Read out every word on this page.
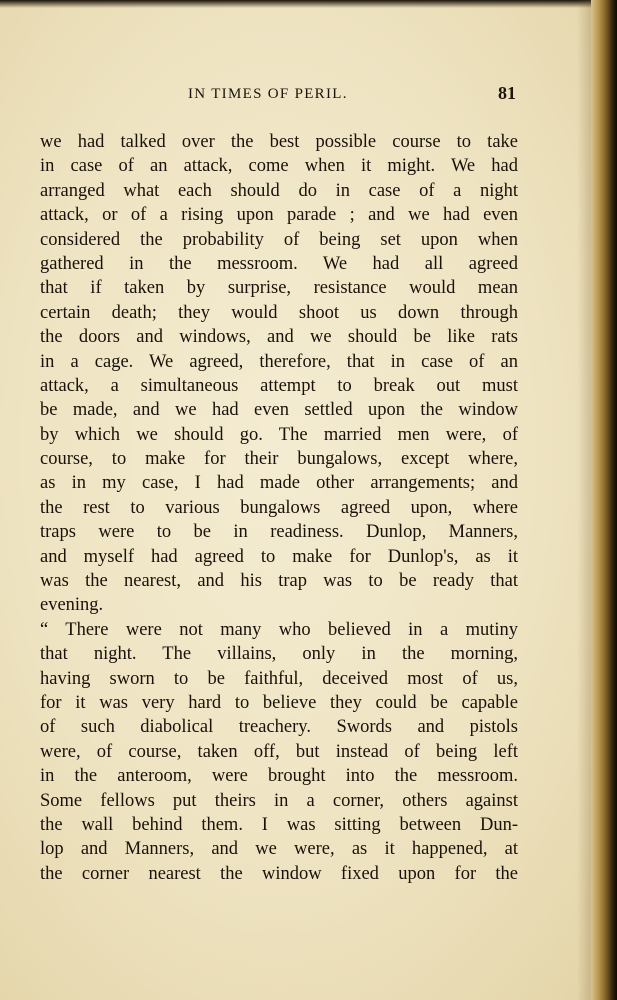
IN TIMES OF PERIL.	81
we had talked over the best possible course to take
in case of an attack, come when it might. We had
arranged what each should do in case of a night
attack, or of a rising upon parade ; and we had even
considered the probability of being set upon when
gathered in the messroom. We had all agreed
that if taken by surprise, resistance would mean
certain death; they would shoot us down through
the doors and windows, and we should be like rats
in a cage. We agreed, therefore, that in case of an
attack, a simultaneous attempt to break out must
be made, and we had even settled upon the window
by which we should go. The married men were, of
course, to make for their bungalows, except where,
as in my case, I had made other arrangements; and
the rest to various bungalows agreed upon, where
traps were to be in readiness. Dunlop, Manners,
and myself had agreed to make for Dunlop's, as it
was the nearest, and his trap was to be ready that
evening.
“ There were not many who believed in a mutiny
that night. The villains, only in the morning,
having sworn to be faithful, deceived most of us,
for it was very hard to believe they could be capable
of such diabolical treachery. Swords and pistols
were, of course, taken off, but instead of being left
in the anteroom, were brought into the messroom.
Some fellows put theirs in a corner, others against
the wall behind them. I was sitting between Dun-
lop and Manners, and we were, as it happened, at
the corner nearest the window fixed upon for the
